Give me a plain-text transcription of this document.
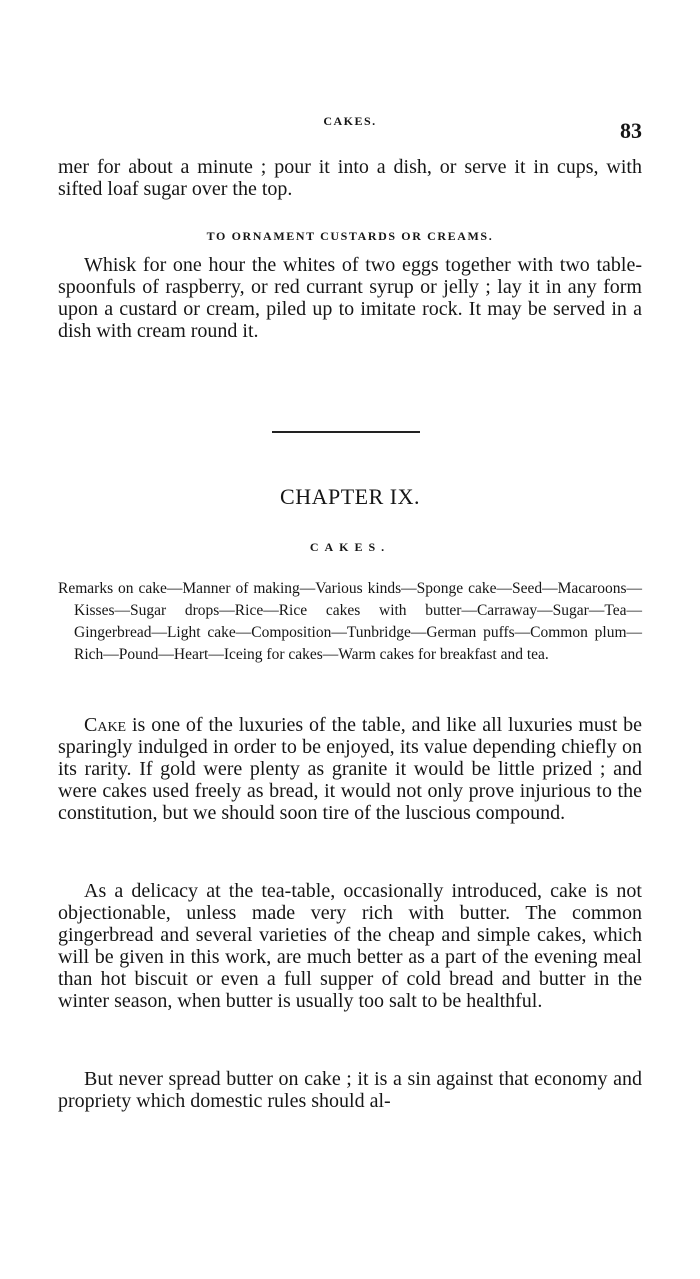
CAKES.	83

mer for about a minute ; pour it into a dish, or serve it in cups, with sifted loaf sugar over the top.

TO ORNAMENT CUSTARDS OR CREAMS.

Whisk for one hour the whites of two eggs together with two table-spoonfuls of raspberry, or red currant syrup or jelly ; lay it in any form upon a custard or cream, piled up to imitate rock. It may be served in a dish with cream round it.

CHAPTER IX.
CAKES.

Remarks on cake—Manner of making—Various kinds—Sponge cake—Seed—Macaroons—Kisses—Sugar drops—Rice—Rice cakes with butter—Carraway—Sugar—Tea—Gingerbread—Light cake—Composition—Tunbridge—German puffs—Common plum—Rich—Pound—Heart—Iceing for cakes—Warm cakes for breakfast and tea.

Cake is one of the luxuries of the table, and like all luxuries must be sparingly indulged in order to be enjoyed, its value depending chiefly on its rarity. If gold were plenty as granite it would be little prized ; and were cakes used freely as bread, it would not only prove injurious to the constitution, but we should soon tire of the luscious compound.

As a delicacy at the tea-table, occasionally introduced, cake is not objectionable, unless made very rich with butter. The common gingerbread and several varieties of the cheap and simple cakes, which will be given in this work, are much better as a part of the evening meal than hot biscuit or even a full supper of cold bread and butter in the winter season, when butter is usually too salt to be healthful.

But never spread butter on cake ; it is a sin against that economy and propriety which domestic rules should al-
